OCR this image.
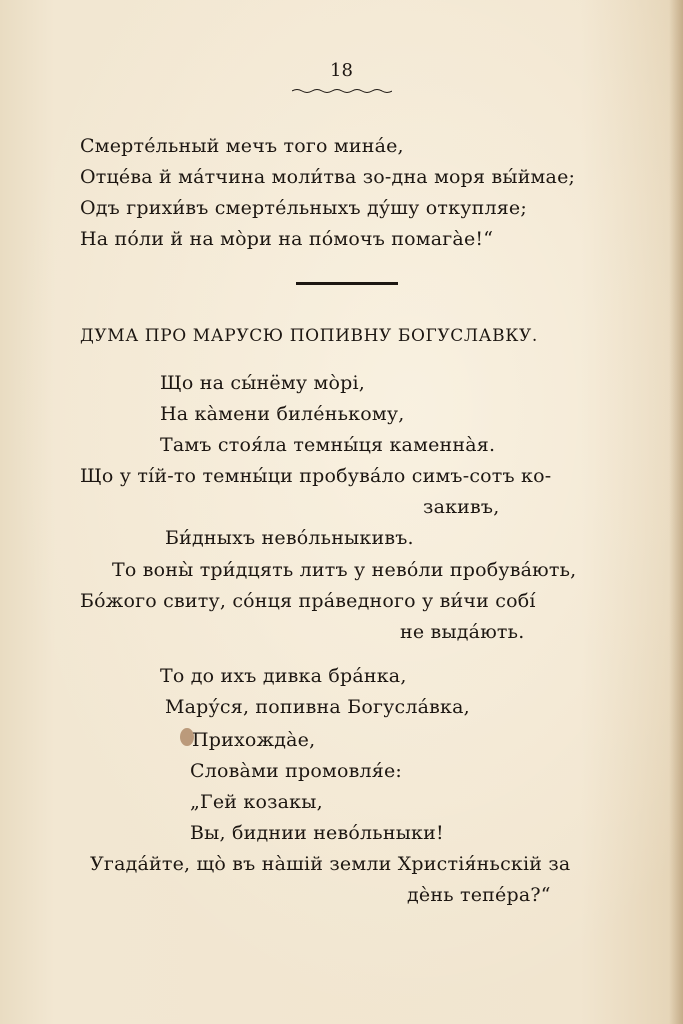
18
Смерте́льный мечъ того мина́е,
Отце́ва й ма́тчина моли́тва зо-дна моря вы́ймае;
Одъ грихи́въ смерте́льныхъ ду́шу откупляе;
На по́ли й на мо̀ри на по́мочъ помага̀е!“
ДУМА ПРО МАРУСЮ ПОПИВНУ БОГУСЛАВКУ.
Що на сы́нёму мо̀рі,
На ка̀мени биле́нькому,
Тамъ стоя́ла темны́ця каменна̀я.
Що у ті́й-то темны́ци пробува́ло симъ-сотъ ко-
закивъ,
Би́дныхъ нево́льныкивъ.
То воны̀ три́дцять литъ у нево́ли пробува́ють,
Бо́жого свиту, со́нця пра́ведного у ви́чи собі́
не выда́ють.
То до ихъ дивка бра́нка,
Мару́ся, попивна Богусла́вка,
Прихожда̀е,
Слова̀ми промовля́е:
„Гей козакы,
Вы, биднии нево́льныки!
Угада́йте, що̀ въ на̀шій земли Христія́ньскій за
дѐнь тепе́ра?“
